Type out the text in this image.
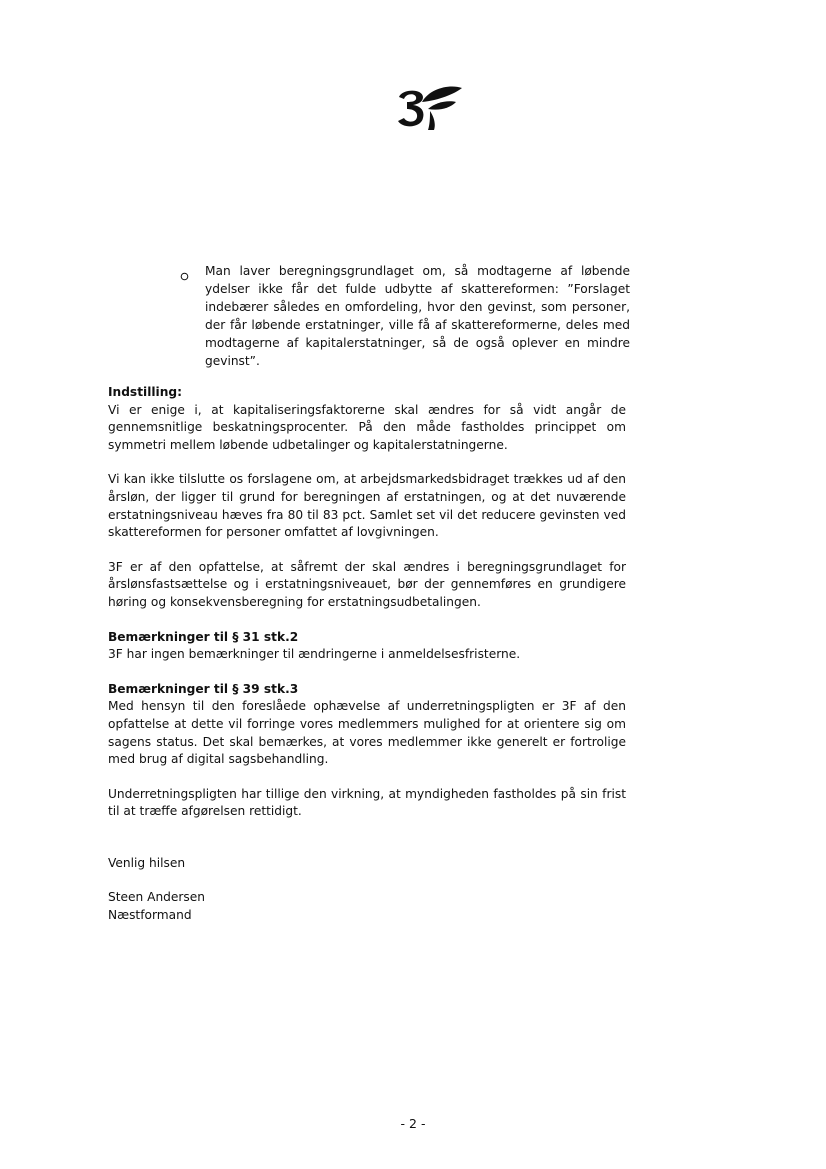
Man laver beregningsgrundlaget om, så modtagerne af løbende ydelser ikke får det fulde udbytte af skattereformen: ”Forslaget indebærer således en omfordeling, hvor den gevinst, som personer, der får løbende erstatninger, ville få af skattereformerne, deles med modtagerne af kapitalerstatninger, så de også oplever en mindre gevinst”.

Indstilling:

Vi er enige i, at kapitaliseringsfaktorerne skal ændres for så vidt angår de gennemsnitlige beskatningsprocenter. På den måde fastholdes princippet om symmetri mellem løbende udbetalinger og kapitalerstatningerne.

Vi kan ikke tilslutte os forslagene om, at arbejdsmarkedsbidraget trækkes ud af den årsløn, der ligger til grund for beregningen af erstatningen, og at det nuværende erstatningsniveau hæves fra 80 til 83 pct. Samlet set vil det reducere gevinsten ved skattereformen for personer omfattet af lovgivningen.

3F er af den opfattelse, at såfremt der skal ændres i beregningsgrundlaget for årslønsfastsættelse og i erstatningsniveauet, bør der gennemføres en grundigere høring og konsekvensberegning for erstatningsudbetalingen.

Bemærkninger til § 31 stk.2

3F har ingen bemærkninger til ændringerne i anmeldelsesfristerne.

Bemærkninger til § 39 stk.3

Med hensyn til den foreslåede ophævelse af underretningspligten er 3F af den opfattelse at dette vil forringe vores medlemmers mulighed for at orientere sig om sagens status. Det skal bemærkes, at vores medlemmer ikke generelt er fortrolige med brug af digital sagsbehandling.

Underretningspligten har tillige den virkning, at myndigheden fastholdes på sin frist til at træffe afgørelsen rettidigt.

Venlig hilsen

Steen Andersen

Næstformand

- 2 -
